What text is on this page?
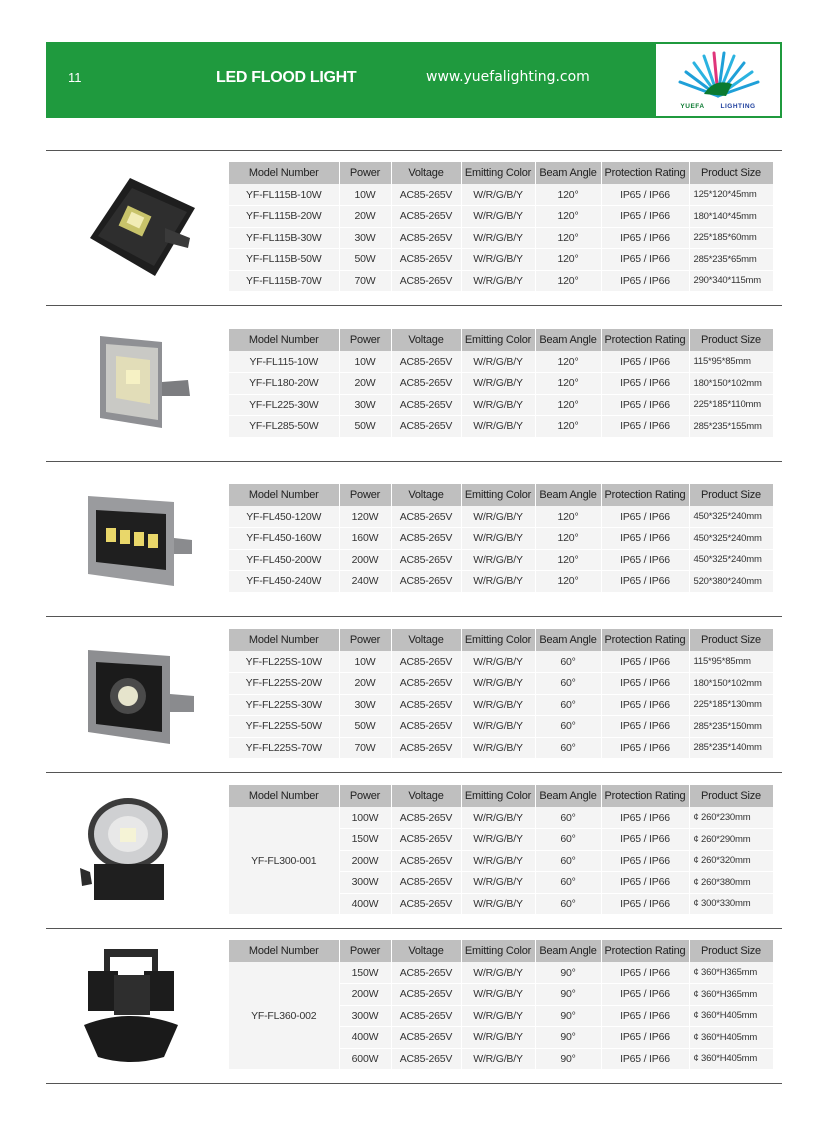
11	LED FLOOD LIGHT	www.yuefalighting.com
YUEFA LIGHTING
Model Number	Power	Voltage	Emitting Color	Beam Angle	Protection Rating	Product Size
YF-FL115B-10W	10W	AC85-265V	W/R/G/B/Y	120°	IP65 / IP66	125*120*45mm
YF-FL115B-20W	20W	AC85-265V	W/R/G/B/Y	120°	IP65 / IP66	180*140*45mm
YF-FL115B-30W	30W	AC85-265V	W/R/G/B/Y	120°	IP65 / IP66	225*185*60mm
YF-FL115B-50W	50W	AC85-265V	W/R/G/B/Y	120°	IP65 / IP66	285*235*65mm
YF-FL115B-70W	70W	AC85-265V	W/R/G/B/Y	120°	IP65 / IP66	290*340*115mm
Model Number	Power	Voltage	Emitting Color	Beam Angle	Protection Rating	Product Size
YF-FL115-10W	10W	AC85-265V	W/R/G/B/Y	120°	IP65 / IP66	115*95*85mm
YF-FL180-20W	20W	AC85-265V	W/R/G/B/Y	120°	IP65 / IP66	180*150*102mm
YF-FL225-30W	30W	AC85-265V	W/R/G/B/Y	120°	IP65 / IP66	225*185*110mm
YF-FL285-50W	50W	AC85-265V	W/R/G/B/Y	120°	IP65 / IP66	285*235*155mm
Model Number	Power	Voltage	Emitting Color	Beam Angle	Protection Rating	Product Size
YF-FL450-120W	120W	AC85-265V	W/R/G/B/Y	120°	IP65 / IP66	450*325*240mm
YF-FL450-160W	160W	AC85-265V	W/R/G/B/Y	120°	IP65 / IP66	450*325*240mm
YF-FL450-200W	200W	AC85-265V	W/R/G/B/Y	120°	IP65 / IP66	450*325*240mm
YF-FL450-240W	240W	AC85-265V	W/R/G/B/Y	120°	IP65 / IP66	520*380*240mm
Model Number	Power	Voltage	Emitting Color	Beam Angle	Protection Rating	Product Size
YF-FL225S-10W	10W	AC85-265V	W/R/G/B/Y	60°	IP65 / IP66	115*95*85mm
YF-FL225S-20W	20W	AC85-265V	W/R/G/B/Y	60°	IP65 / IP66	180*150*102mm
YF-FL225S-30W	30W	AC85-265V	W/R/G/B/Y	60°	IP65 / IP66	225*185*130mm
YF-FL225S-50W	50W	AC85-265V	W/R/G/B/Y	60°	IP65 / IP66	285*235*150mm
YF-FL225S-70W	70W	AC85-265V	W/R/G/B/Y	60°	IP65 / IP66	285*235*140mm
Model Number	Power	Voltage	Emitting Color	Beam Angle	Protection Rating	Product Size
YF-FL300-001	100W	AC85-265V	W/R/G/B/Y	60°	IP65 / IP66	¢ 260*230mm
	150W	AC85-265V	W/R/G/B/Y	60°	IP65 / IP66	¢ 260*290mm
	200W	AC85-265V	W/R/G/B/Y	60°	IP65 / IP66	¢ 260*320mm
	300W	AC85-265V	W/R/G/B/Y	60°	IP65 / IP66	¢ 260*380mm
	400W	AC85-265V	W/R/G/B/Y	60°	IP65 / IP66	¢ 300*330mm
Model Number	Power	Voltage	Emitting Color	Beam Angle	Protection Rating	Product Size
YF-FL360-002	150W	AC85-265V	W/R/G/B/Y	90°	IP65 / IP66	¢ 360*H365mm
	200W	AC85-265V	W/R/G/B/Y	90°	IP65 / IP66	¢ 360*H365mm
	300W	AC85-265V	W/R/G/B/Y	90°	IP65 / IP66	¢ 360*H405mm
	400W	AC85-265V	W/R/G/B/Y	90°	IP65 / IP66	¢ 360*H405mm
	600W	AC85-265V	W/R/G/B/Y	90°	IP65 / IP66	¢ 360*H405mm
